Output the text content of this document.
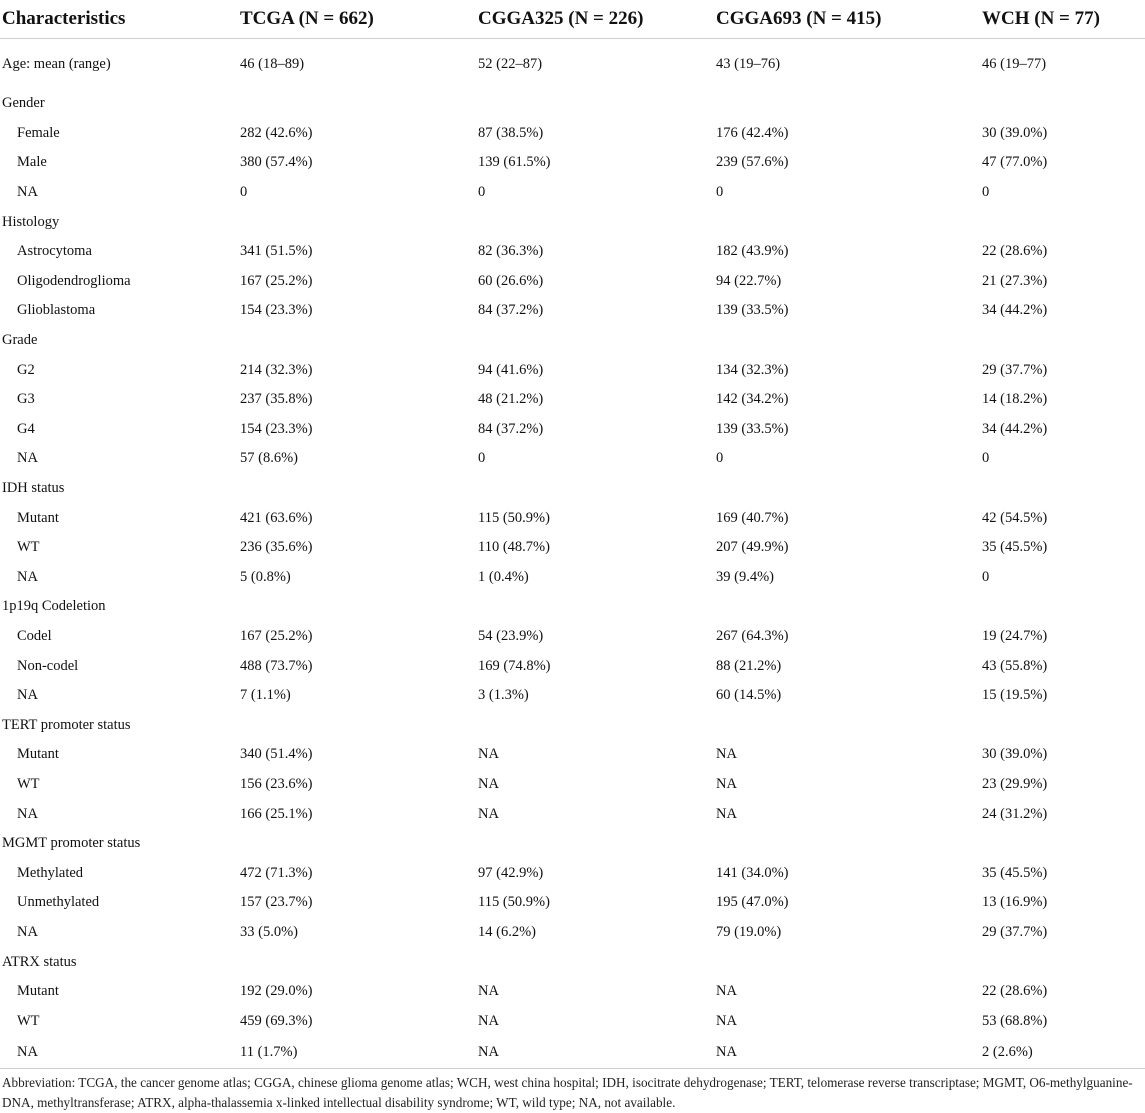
Characteristics	TCGA (N = 662)	CGGA325 (N = 226)	CGGA693 (N = 415)	WCH (N = 77)
Age: mean (range)	46 (18–89)	52 (22–87)	43 (19–76)	46 (19–77)
Gender				
Female	282 (42.6%)	87 (38.5%)	176 (42.4%)	30 (39.0%)
Male	380 (57.4%)	139 (61.5%)	239 (57.6%)	47 (77.0%)
NA	0	0	0	0
Histology				
Astrocytoma	341 (51.5%)	82 (36.3%)	182 (43.9%)	22 (28.6%)
Oligodendroglioma	167 (25.2%)	60 (26.6%)	94 (22.7%)	21 (27.3%)
Glioblastoma	154 (23.3%)	84 (37.2%)	139 (33.5%)	34 (44.2%)
Grade				
G2	214 (32.3%)	94 (41.6%)	134 (32.3%)	29 (37.7%)
G3	237 (35.8%)	48 (21.2%)	142 (34.2%)	14 (18.2%)
G4	154 (23.3%)	84 (37.2%)	139 (33.5%)	34 (44.2%)
NA	57 (8.6%)	0	0	0
IDH status				
Mutant	421 (63.6%)	115 (50.9%)	169 (40.7%)	42 (54.5%)
WT	236 (35.6%)	110 (48.7%)	207 (49.9%)	35 (45.5%)
NA	5 (0.8%)	1 (0.4%)	39 (9.4%)	0
1p19q Codeletion				
Codel	167 (25.2%)	54 (23.9%)	267 (64.3%)	19 (24.7%)
Non-codel	488 (73.7%)	169 (74.8%)	88 (21.2%)	43 (55.8%)
NA	7 (1.1%)	3 (1.3%)	60 (14.5%)	15 (19.5%)
TERT promoter status				
Mutant	340 (51.4%)	NA	NA	30 (39.0%)
WT	156 (23.6%)	NA	NA	23 (29.9%)
NA	166 (25.1%)	NA	NA	24 (31.2%)
MGMT promoter status				
Methylated	472 (71.3%)	97 (42.9%)	141 (34.0%)	35 (45.5%)
Unmethylated	157 (23.7%)	115 (50.9%)	195 (47.0%)	13 (16.9%)
NA	33 (5.0%)	14 (6.2%)	79 (19.0%)	29 (37.7%)
ATRX status				
Mutant	192 (29.0%)	NA	NA	22 (28.6%)
WT	459 (69.3%)	NA	NA	53 (68.8%)
NA	11 (1.7%)	NA	NA	2 (2.6%)
Abbreviation: TCGA, the cancer genome atlas; CGGA, chinese glioma genome atlas; WCH, west china hospital; IDH, isocitrate dehydrogenase; TERT, telomerase reverse transcriptase; MGMT, O6-methylguanine-DNA, methyltransferase; ATRX, alpha-thalassemia x-linked intellectual disability syndrome; WT, wild type; NA, not available.
